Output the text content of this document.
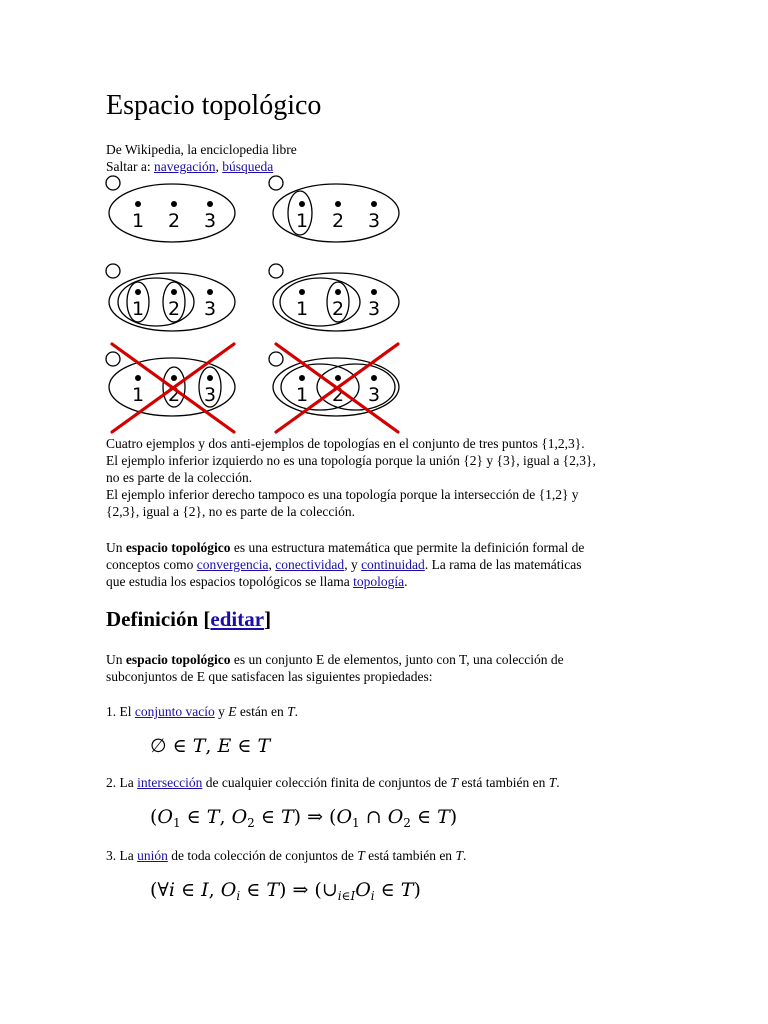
Espacio topológico
De Wikipedia, la enciclopedia libre
Saltar a: navegación, búsqueda
1 2 3	1 2 3
1 2 3	1 2 3
1 2 3	1 2 3
Cuatro ejemplos y dos anti-ejemplos de topologías en el conjunto de tres puntos {1,2,3}.
El ejemplo inferior izquierdo no es una topología porque la unión {2} y {3}, igual a {2,3},
no es parte de la colección.
El ejemplo inferior derecho tampoco es una topología porque la intersección de {1,2} y
{2,3}, igual a {2}, no es parte de la colección.
Un espacio topológico es una estructura matemática que permite la definición formal de
conceptos como convergencia, conectividad, y continuidad. La rama de las matemáticas
que estudia los espacios topológicos se llama topología.
Definición [editar]
Un espacio topológico es un conjunto E de elementos, junto con T, una colección de
subconjuntos de E que satisfacen las siguientes propiedades:
1. El conjunto vacío y E están en T.
∅ ∈ T, E ∈ T
2. La intersección de cualquier colección finita de conjuntos de T está también en T.
($O_1$ ∈ T, $O_2$ ∈ T) ⇒ ($O_1$ ∩ $O_2$ ∈ T)
3. La unión de toda colección de conjuntos de T está también en T.
(∀i ∈ I, $O_i$ ∈ T) ⇒ ($\cup_{i\in I}O_i$ ∈ T)
